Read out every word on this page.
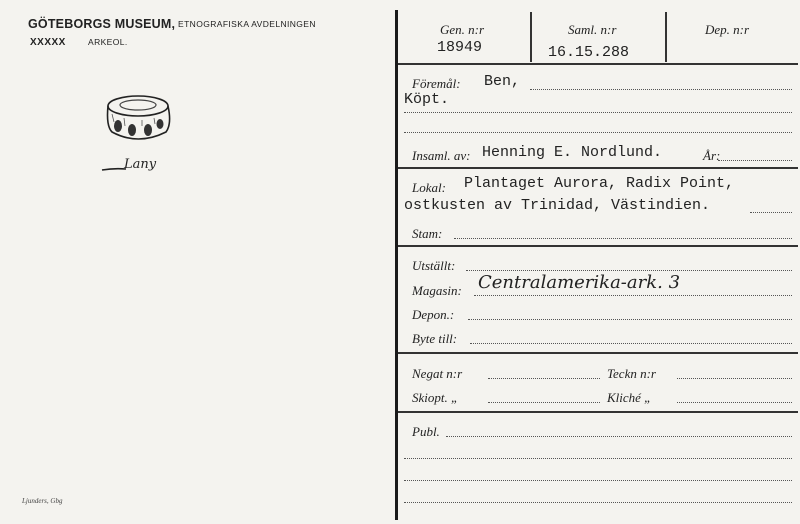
GÖTEBORGS MUSEUM, ETNOGRAFISKA AVDELNINGEN
XXXXX	ARKEOL.
Lany
Ljunders, Gbg
Gen. n:r
18949
Saml. n:r
16.15.288
Dep. n:r
Föremål: Ben,
Köpt.
Insaml. av: Henning E. Nordlund.	År:
Lokal: Plantaget Aurora, Radix Point,
ostkusten av Trinidad, Västindien.
Stam:
Utställt:
Magasin: Centralamerika-ark. 3
Depon.:
Byte till:
Negat n:r	Teckn n:r
Skiopt. „	Kliché „
Publ.
